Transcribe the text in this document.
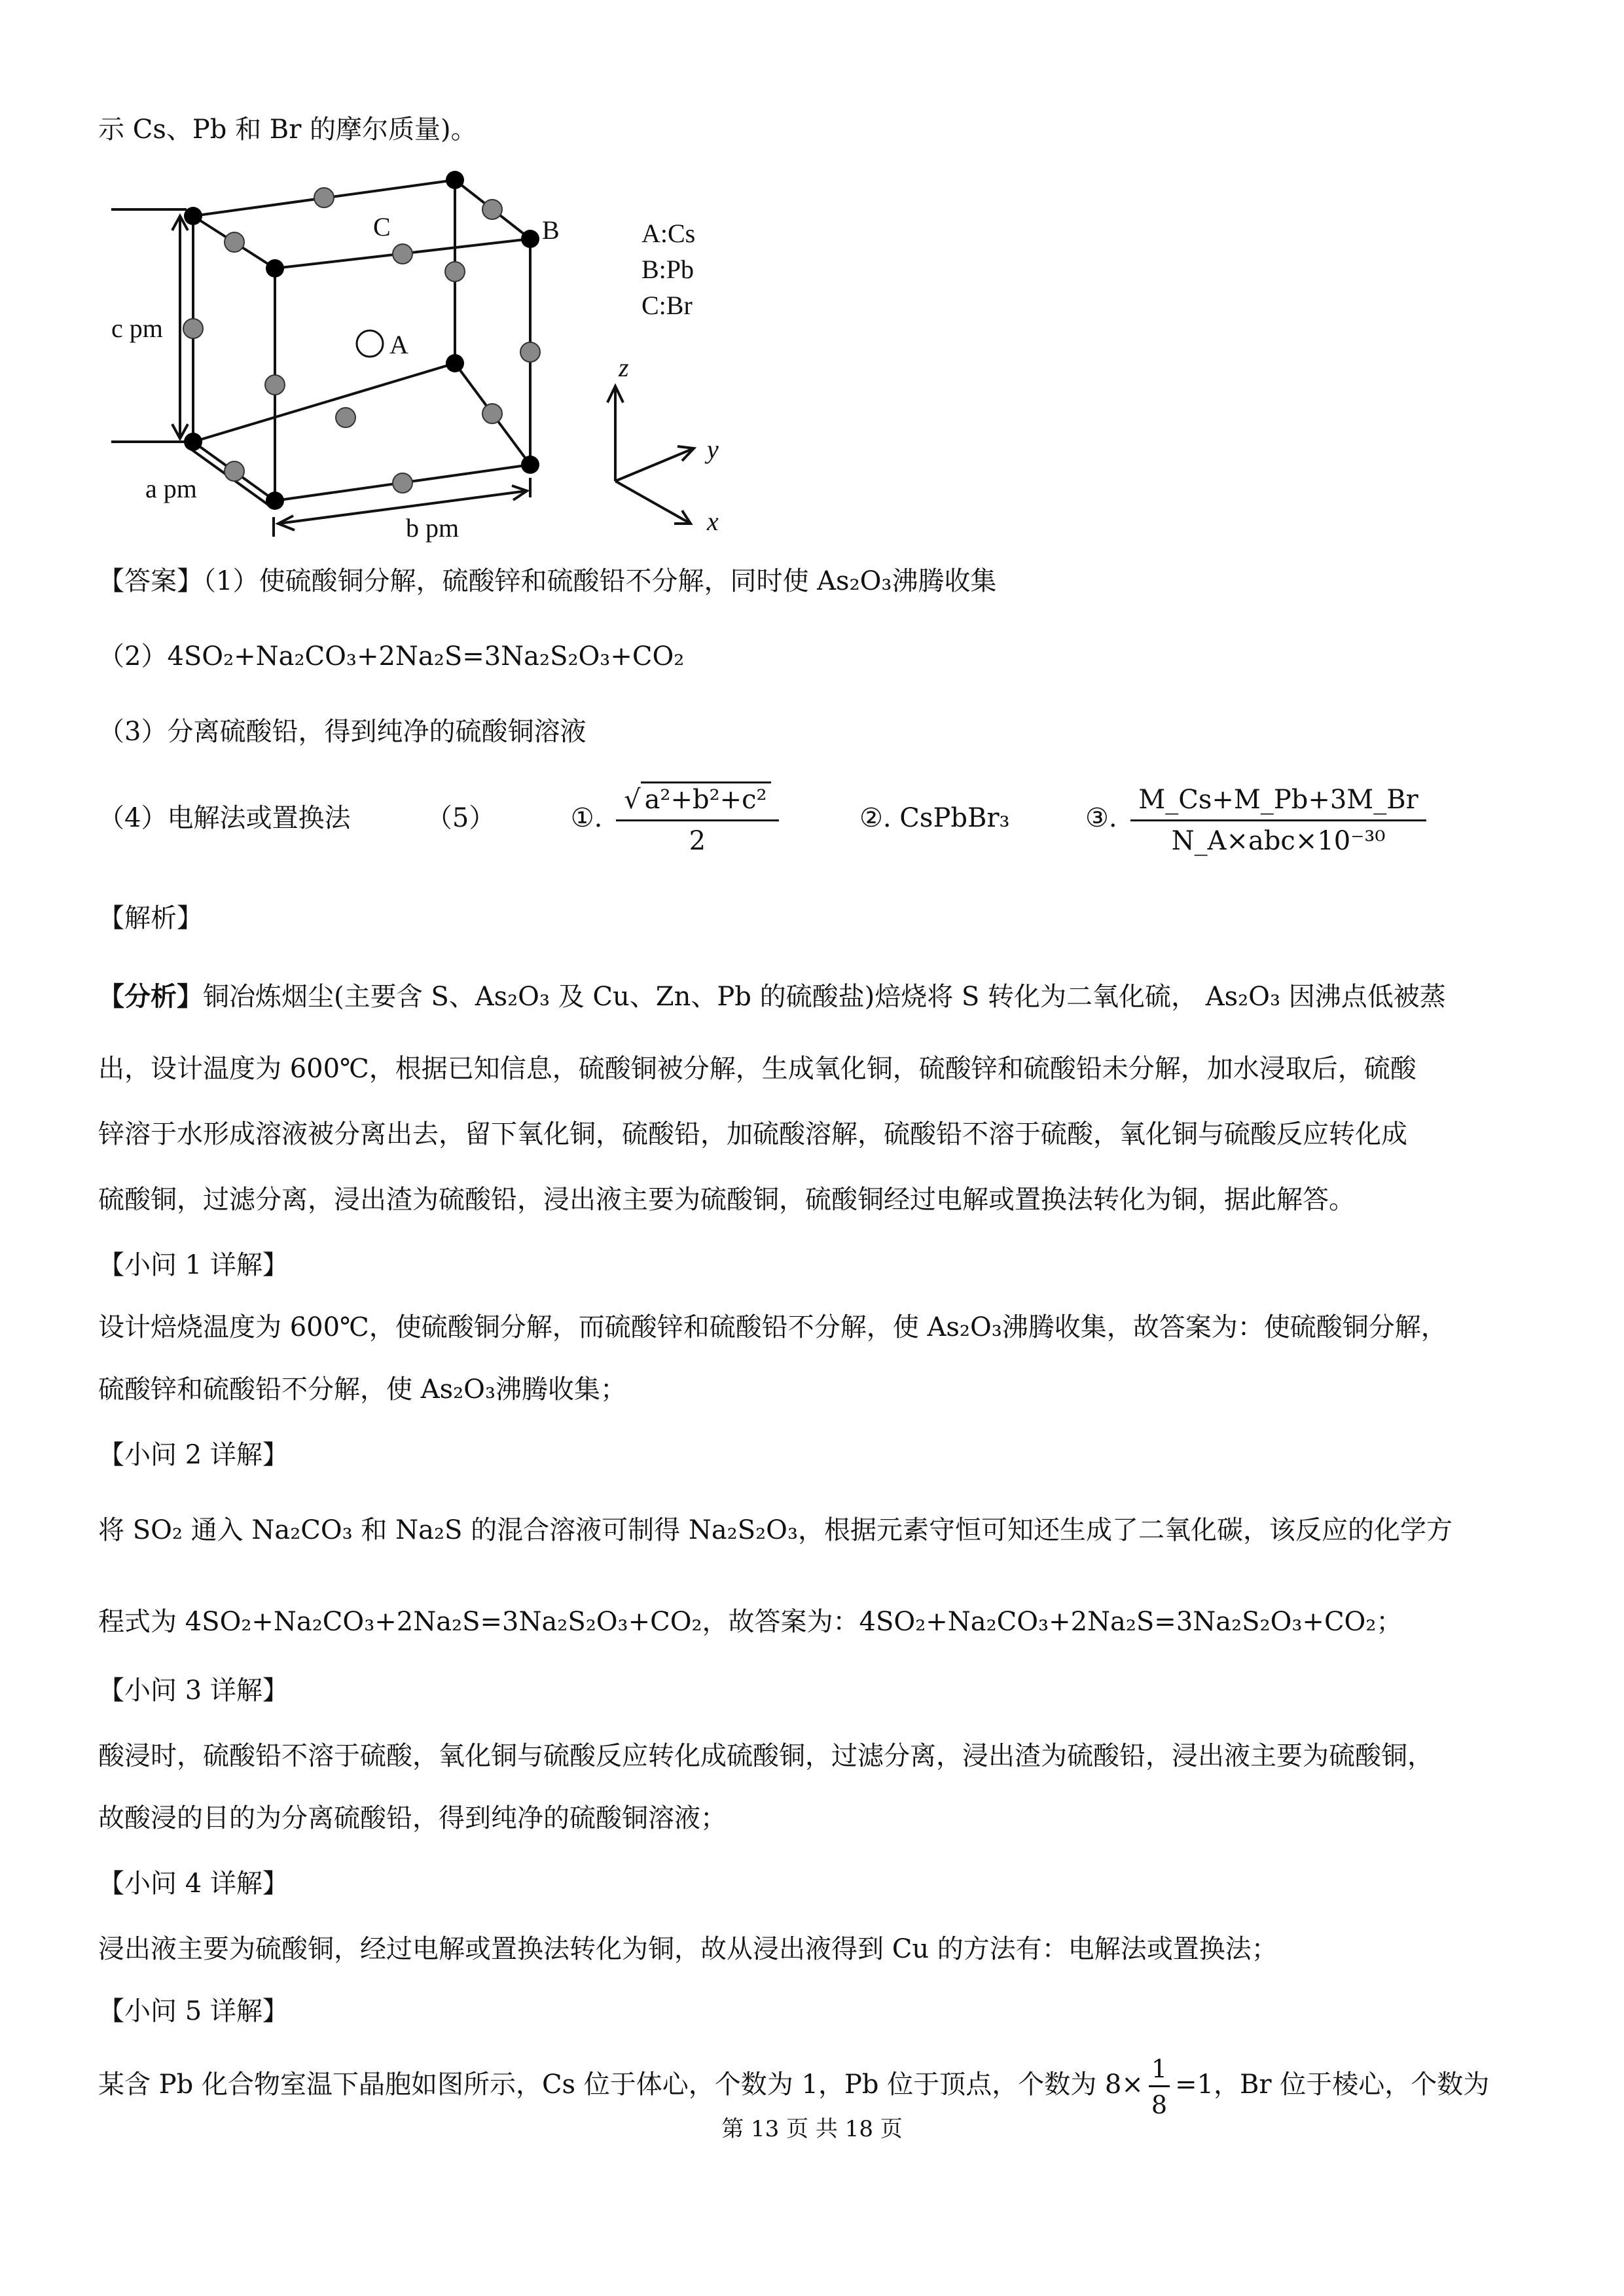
示 Cs、Pb 和 Br 的摩尔质量)。
A
B
C	A:Cs
B:Pb
C:Br
c pm
a pm
b pm
z
y
x
【答案】（1）使硫酸铜分解，硫酸锌和硫酸铅不分解，同时使 As₂O₃沸腾收集
（2）4SO₂+Na₂CO₃+2Na₂S=3Na₂S₂O₃+CO₂
（3）分离硫酸铅，得到纯净的硫酸铜溶液
（4）电解法或置换法	（5）	①. $\frac{\text{√ a²+b²+c²}}{2}$	②. CsPbBr₃	③. $\frac{M\_Cs+M\_Pb+3M\_Br}{\text{N\_A×abc×10⁻³⁰}}$
【解析】
【分析】铜冶炼烟尘(主要含 S、As₂O₃ 及 Cu、Zn、Pb 的硫酸盐)焙烧将 S 转化为二氧化硫， As₂O₃ 因沸点低被蒸
出，设计温度为 600℃，根据已知信息，硫酸铜被分解，生成氧化铜，硫酸锌和硫酸铅未分解，加水浸取后，硫酸
锌溶于水形成溶液被分离出去，留下氧化铜，硫酸铅，加硫酸溶解，硫酸铅不溶于硫酸，氧化铜与硫酸反应转化成
硫酸铜，过滤分离，浸出渣为硫酸铅，浸出液主要为硫酸铜，硫酸铜经过电解或置换法转化为铜，据此解答。
【小问 1 详解】
设计焙烧温度为 600℃，使硫酸铜分解，而硫酸锌和硫酸铅不分解，使 As₂O₃沸腾收集，故答案为：使硫酸铜分解，
硫酸锌和硫酸铅不分解，使 As₂O₃沸腾收集；
【小问 2 详解】
将 SO₂ 通入 Na₂CO₃ 和 Na₂S 的混合溶液可制得 Na₂S₂O₃，根据元素守恒可知还生成了二氧化碳，该反应的化学方
程式为 4SO₂+Na₂CO₃+2Na₂S=3Na₂S₂O₃+CO₂，故答案为：4SO₂+Na₂CO₃+2Na₂S=3Na₂S₂O₃+CO₂；
【小问 3 详解】
酸浸时，硫酸铅不溶于硫酸，氧化铜与硫酸反应转化成硫酸铜，过滤分离，浸出渣为硫酸铅，浸出液主要为硫酸铜，
故酸浸的目的为分离硫酸铅，得到纯净的硫酸铜溶液；
【小问 4 详解】
浸出液主要为硫酸铜，经过电解或置换法转化为铜，故从浸出液得到 Cu 的方法有：电解法或置换法；
【小问 5 详解】
某含 Pb 化合物室温下晶胞如图所示，Cs 位于体心，个数为 1，Pb 位于顶点，个数为 $8\times \frac{1}{8} =1$，Br 位于棱心，个数为
第 13 页 共 18 页
